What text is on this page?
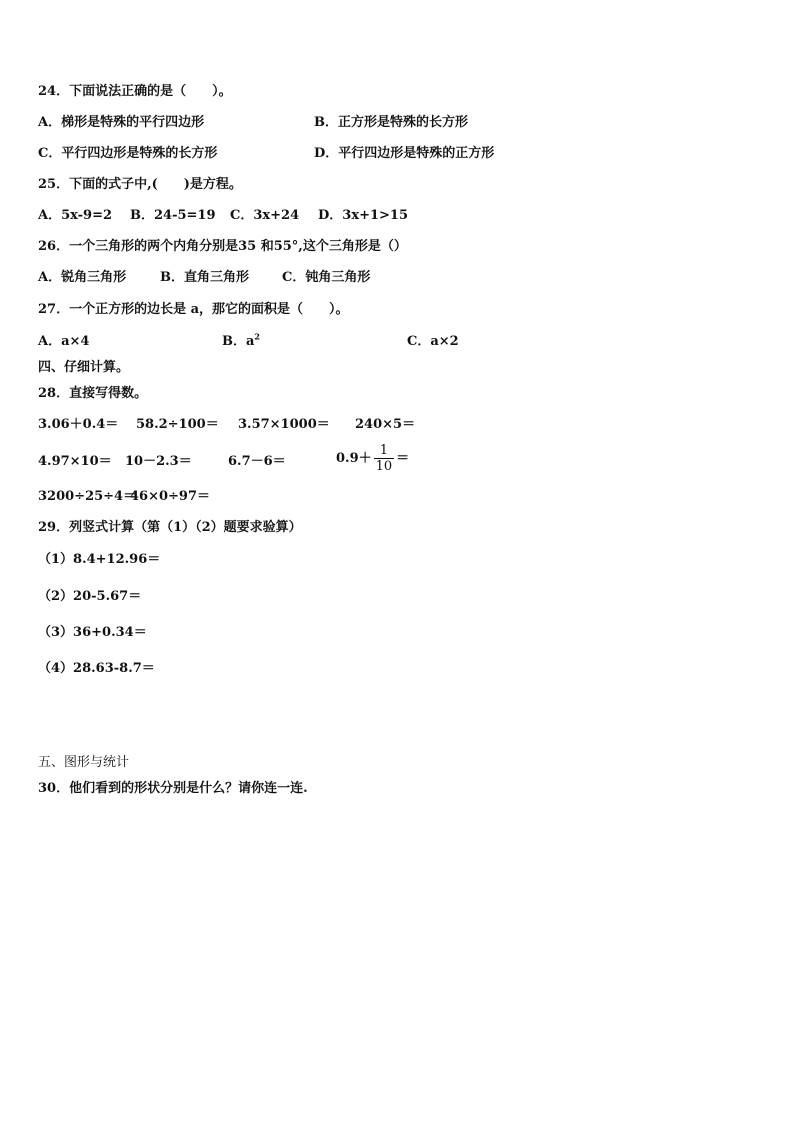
24．下面说法正确的是（　　）。
A．梯形是特殊的平行四边形	B．正方形是特殊的长方形
C．平行四边形是特殊的长方形	D．平行四边形是特殊的正方形
25．下面的式子中,(　　)是方程。
A．5x-9=2 B．24-5=19 C．3x+24 D．3x+1>15
26．一个三角形的两个内角分别是35 和55°,这个三角形是（）
A．锐角三角形	B．直角三角形	C．钝角三角形
27．一个正方形的边长是 a，那它的面积是（　　）。
A．a×4	B．$a^2$	C．a×2
四、仔细计算。
28．直接写得数。
3.06＋0.4＝ 58.2÷100＝ 3.57×1000＝ 240×5＝
4.97×10＝ 10－2.3＝	6.7－6＝	$0.9+ \frac{1}{10}$ ＝
3200÷25÷4＝
46×0÷97＝
29．列竖式计算（第（1）（2）题要求验算）
（1）8.4+12.96＝
（2）20-5.67＝
（3）36+0.34＝
（4）28.63-8.7＝
五、图形与统计
30．他们看到的形状分别是什么？请你连一连.
